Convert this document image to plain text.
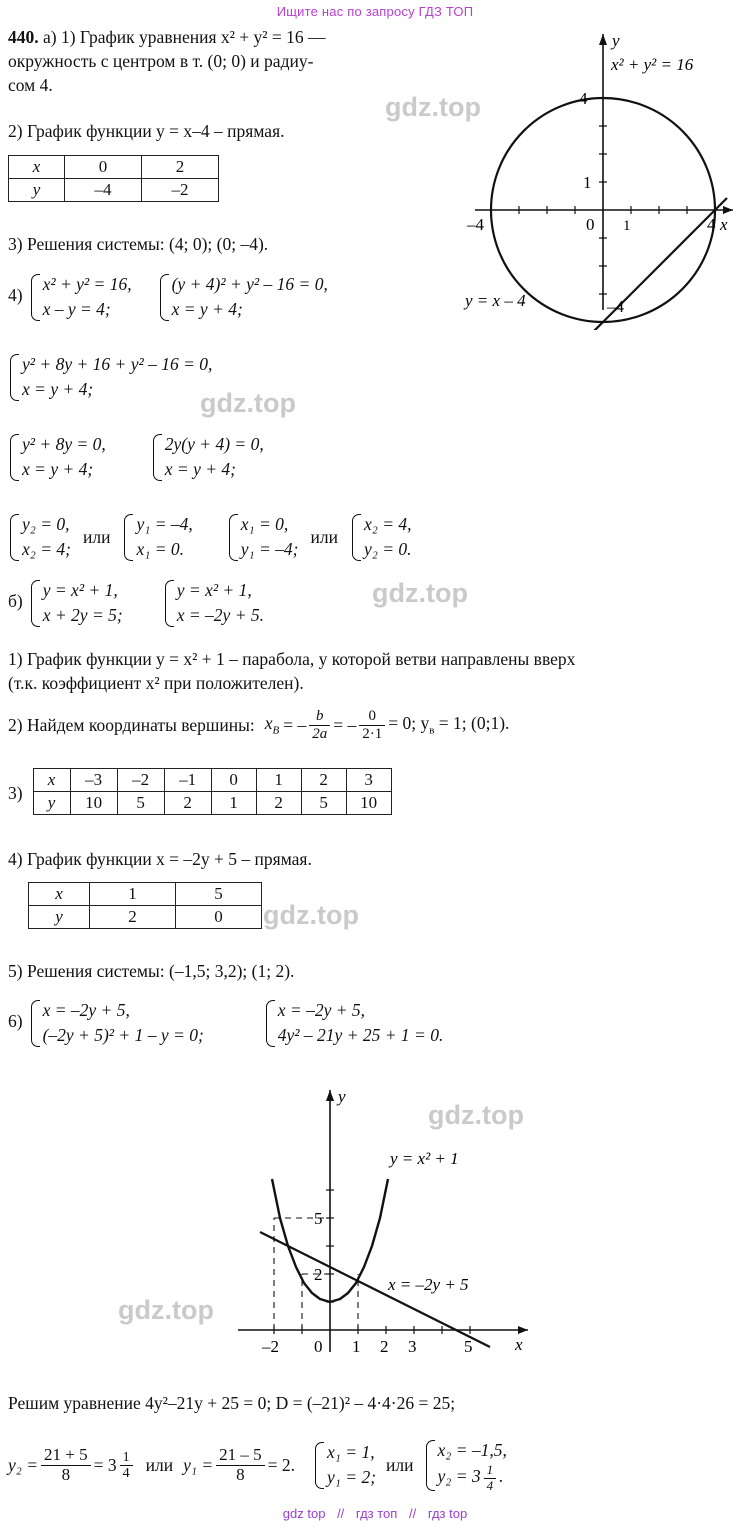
Ищите нас по запросу ГДЗ ТОП
gdz.top
gdz.top
gdz.top
gdz.top
gdz.top
gdz.top
440. а) 1) График уравнения x² + y² = 16 —
окружность с центром в т. (0; 0) и радиу-
сом 4.
2) График функции y = x–4 – прямая.
x	0	2
y	–4	–2
3) Решения системы: (4; 0); (0; –4).
4)
x² + y² = 16,
x – y = 4;
(y + 4)² + y² – 16 = 0,
x = y + 4;
y² + 8y + 16 + y² – 16 = 0,
x = y + 4;
y² + 8y = 0,
x = y + 4;
2y(y + 4) = 0,
x = y + 4;
y₂ = 0,
x₂ = 4;
или
y₁ = –4,
x₁ = 0.
x₁ = 0,
y₁ = –4;
или
x₂ = 4,
y₂ = 0.
x
y
4
1
–4	0 1	4
–4
x² + y² = 16
y = x – 4
б)
y = x² + 1,
x + 2y = 5;
y = x² + 1,
x = –2y + 5.
1) График функции y = x² + 1 – парабола, у которой ветви направлены вверх
(т.к. коэффициент x² при положителен).
2) Найдем координаты вершины: $x_В$ = – $\frac{b}{2a}$ = – $\frac{0}{2\cdot 1} = 0$; $y_в = 1$; (0;1).
3)
x	–3	–2	–1	0	1	2	3
y	10	5	2	1	2	5	10
4) График функции x = –2y + 5 – прямая.
x	1	5
y	2	0
5) Решения системы: (–1,5; 3,2); (1; 2).
6)
x = –2y + 5,
(–2y + 5)² + 1 – y = 0;
x = –2y + 5,
4y² – 21y + 25 + 1 = 0.
x
y
5
2
–2 0 1 2 3	5
y = x² + 1
x = –2y + 5
Решим уравнение 4y²–21y + 25 = 0; D = (–21)² – 4·4·26 = 25;
$y_2 = \frac{21 + 5}{8} = 3 \frac{1}{4}$ или $y_1 = \frac{21 - 5}{8} = 2$.
x₁ = 1,
y₁ = 2;
или
x₂ = –1,5,
$y_2 = 3 \frac{1}{4}$ .
gdz top // гдз топ // гдз top
